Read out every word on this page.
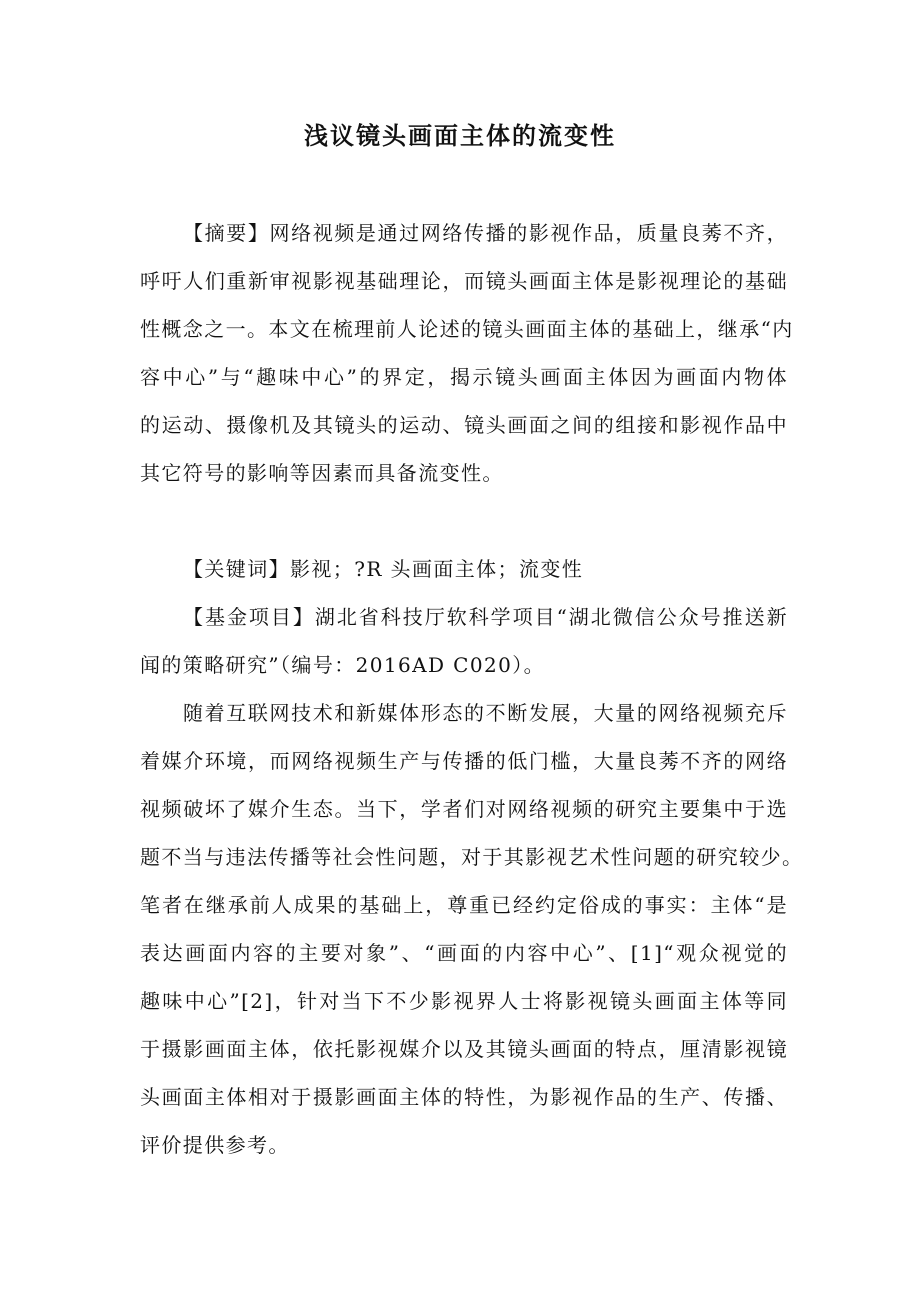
浅议镜头画面主体的流变性
【摘要】网络视频是通过网络传播的影视作品，质量良莠不齐，
呼吁人们重新审视影视基础理论，而镜头画面主体是影视理论的基础
性概念之一。本文在梳理前人论述的镜头画面主体的基础上，继承“内
容中心”与“趣味中心”的界定，揭示镜头画面主体因为画面内物体
的运动、摄像机及其镜头的运动、镜头画面之间的组接和影视作品中
其它符号的影响等因素而具备流变性。
【关键词】影视；?R 头画面主体；流变性
【基金项目】湖北省科技厅软科学项目“湖北微信公众号推送新
闻的策略研究”（编号：2016AD C020）。
随着互联网技术和新媒体形态的不断发展，大量的网络视频充斥
着媒介环境，而网络视频生产与传播的低门槛，大量良莠不齐的网络
视频破坏了媒介生态。当下，学者们对网络视频的研究主要集中于选
题不当与违法传播等社会性问题，对于其影视艺术性问题的研究较少。
笔者在继承前人成果的基础上，尊重已经约定俗成的事实：主体“是
表达画面内容的主要对象”、“画面的内容中心”、[1]“观众视觉的
趣味中心”[2]，针对当下不少影视界人士将影视镜头画面主体等同
于摄影画面主体，依托影视媒介以及其镜头画面的特点，厘清影视镜
头画面主体相对于摄影画面主体的特性，为影视作品的生产、传播、
评价提供参考。
